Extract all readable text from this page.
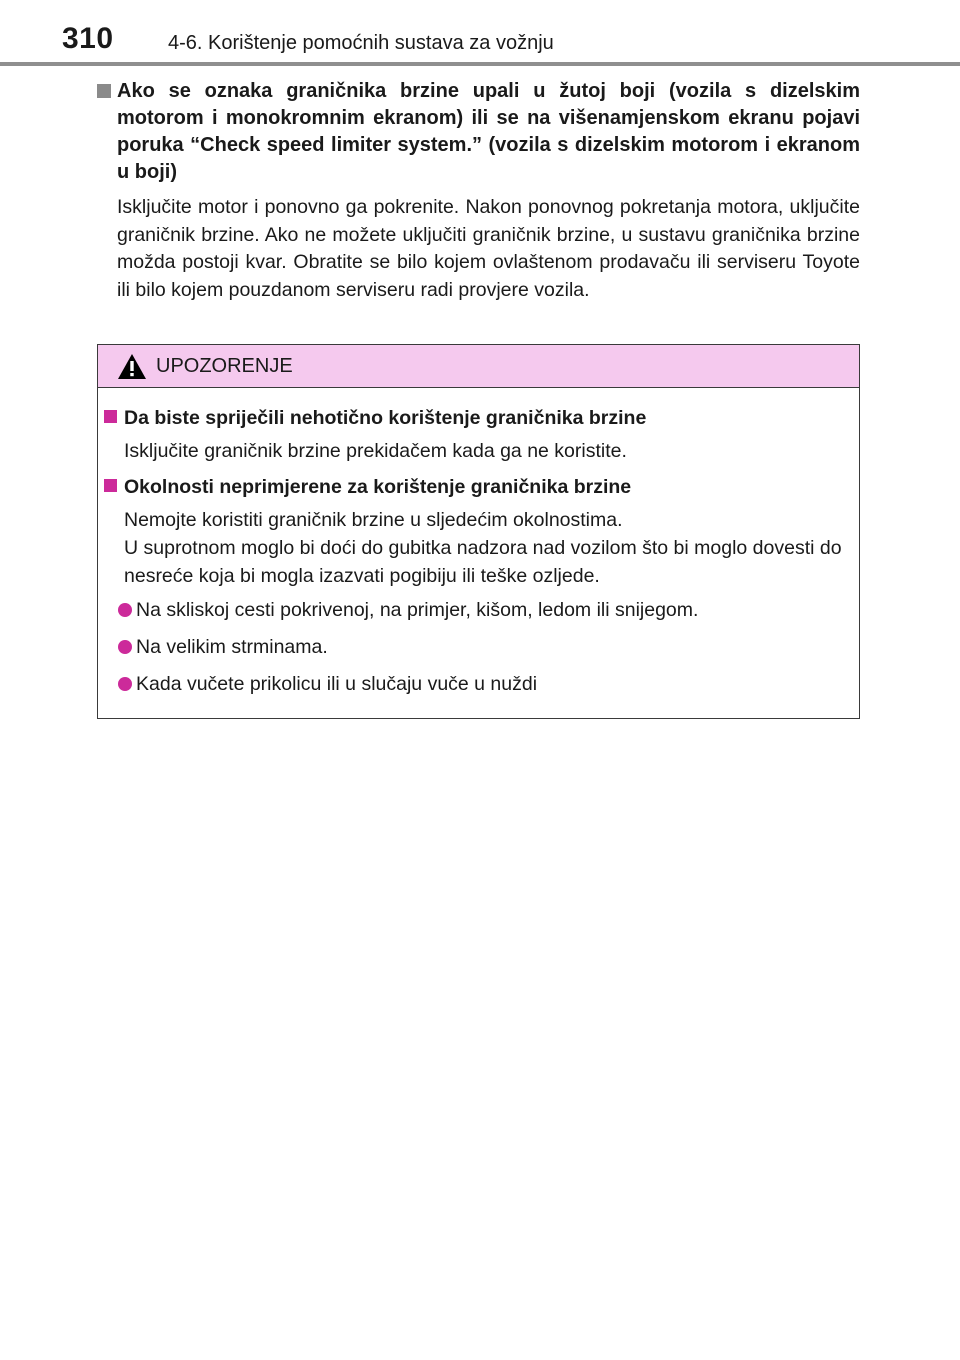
310	4-6. Korištenje pomoćnih sustava za vožnju
Ako se oznaka graničnika brzine upali u žutoj boji (vozila s dizelskim motorom i monokromnim ekranom) ili se na višenamjenskom ekranu pojavi poruka “Check speed limiter system.” (vozila s dizelskim motorom i ekranom u boji)
Isključite motor i ponovno ga pokrenite. Nakon ponovnog pokretanja motora, uključite graničnik brzine. Ako ne možete uključiti graničnik brzine, u sustavu graničnika brzine možda postoji kvar. Obratite se bilo kojem ovlaštenom prodavaču ili serviseru Toyote ili bilo kojem pouzdanom serviseru radi provjere vozila.
UPOZORENJE
Da biste spriječili nehotično korištenje graničnika brzine
Isključite graničnik brzine prekidačem kada ga ne koristite.
Okolnosti neprimjerene za korištenje graničnika brzine
Nemojte koristiti graničnik brzine u sljedećim okolnostima.
U suprotnom moglo bi doći do gubitka nadzora nad vozilom što bi moglo dovesti do nesreće koja bi mogla izazvati pogibiju ili teške ozljede.
Na skliskoj cesti pokrivenoj, na primjer, kišom, ledom ili snijegom.
Na velikim strminama.
Kada vučete prikolicu ili u slučaju vuče u nuždi
